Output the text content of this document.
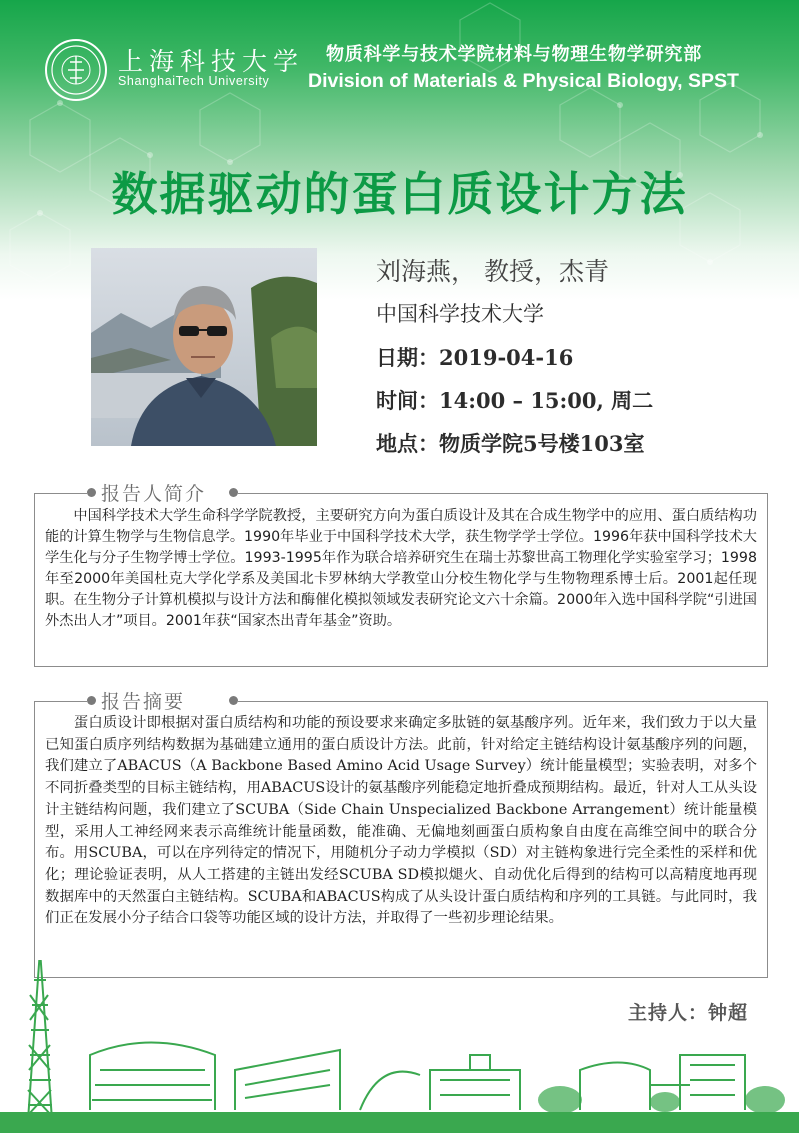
上海科技大学
ShanghaiTech University
物质科学与技术学院材料与物理生物学研究部
Division of Materials & Physical Biology, SPST
数据驱动的蛋白质设计方法
刘海燕， 教授，杰青
中国科学技术大学
日期：2019-04-16
时间：14:00 – 15:00, 周二
地点：物质学院5号楼103室
报告人简介
中国科学技术大学生命科学学院教授，主要研究方向为蛋白质设计及其在合成生物学中的应用、蛋白质结构功能的计算生物学与生物信息学。1990年毕业于中国科学技术大学，获生物学学士学位。1996年获中国科学技术大学生化与分子生物学博士学位。1993-1995年作为联合培养研究生在瑞士苏黎世高工物理化学实验室学习；1998年至2000年美国杜克大学化学系及美国北卡罗林纳大学教堂山分校生物化学与生物物理系博士后。2001起任现职。在生物分子计算机模拟与设计方法和酶催化模拟领域发表研究论文六十余篇。2000年入选中国科学院“引进国外杰出人才”项目。2001年获“国家杰出青年基金”资助。
报告摘要
蛋白质设计即根据对蛋白质结构和功能的预设要求来确定多肽链的氨基酸序列。近年来，我们致力于以大量已知蛋白质序列结构数据为基础建立通用的蛋白质设计方法。此前，针对给定主链结构设计氨基酸序列的问题，我们建立了ABACUS（A Backbone Based Amino Acid Usage Survey）统计能量模型；实验表明，对多个不同折叠类型的目标主链结构，用ABACUS设计的氨基酸序列能稳定地折叠成预期结构。最近，针对人工从头设计主链结构问题，我们建立了SCUBA（Side Chain Unspecialized Backbone Arrangement）统计能量模型，采用人工神经网来表示高维统计能量函数，能准确、无偏地刻画蛋白质构象自由度在高维空间中的联合分布。用SCUBA，可以在序列待定的情况下，用随机分子动力学模拟（SD）对主链构象进行完全柔性的采样和优化；理论验证表明，从人工搭建的主链出发经SCUBA SD模拟煺火、自动优化后得到的结构可以高精度地再现数据库中的天然蛋白主链结构。SCUBA和ABACUS构成了从头设计蛋白质结构和序列的工具链。与此同时，我们正在发展小分子结合口袋等功能区域的设计方法，并取得了一些初步理论结果。
主持人：钟超
